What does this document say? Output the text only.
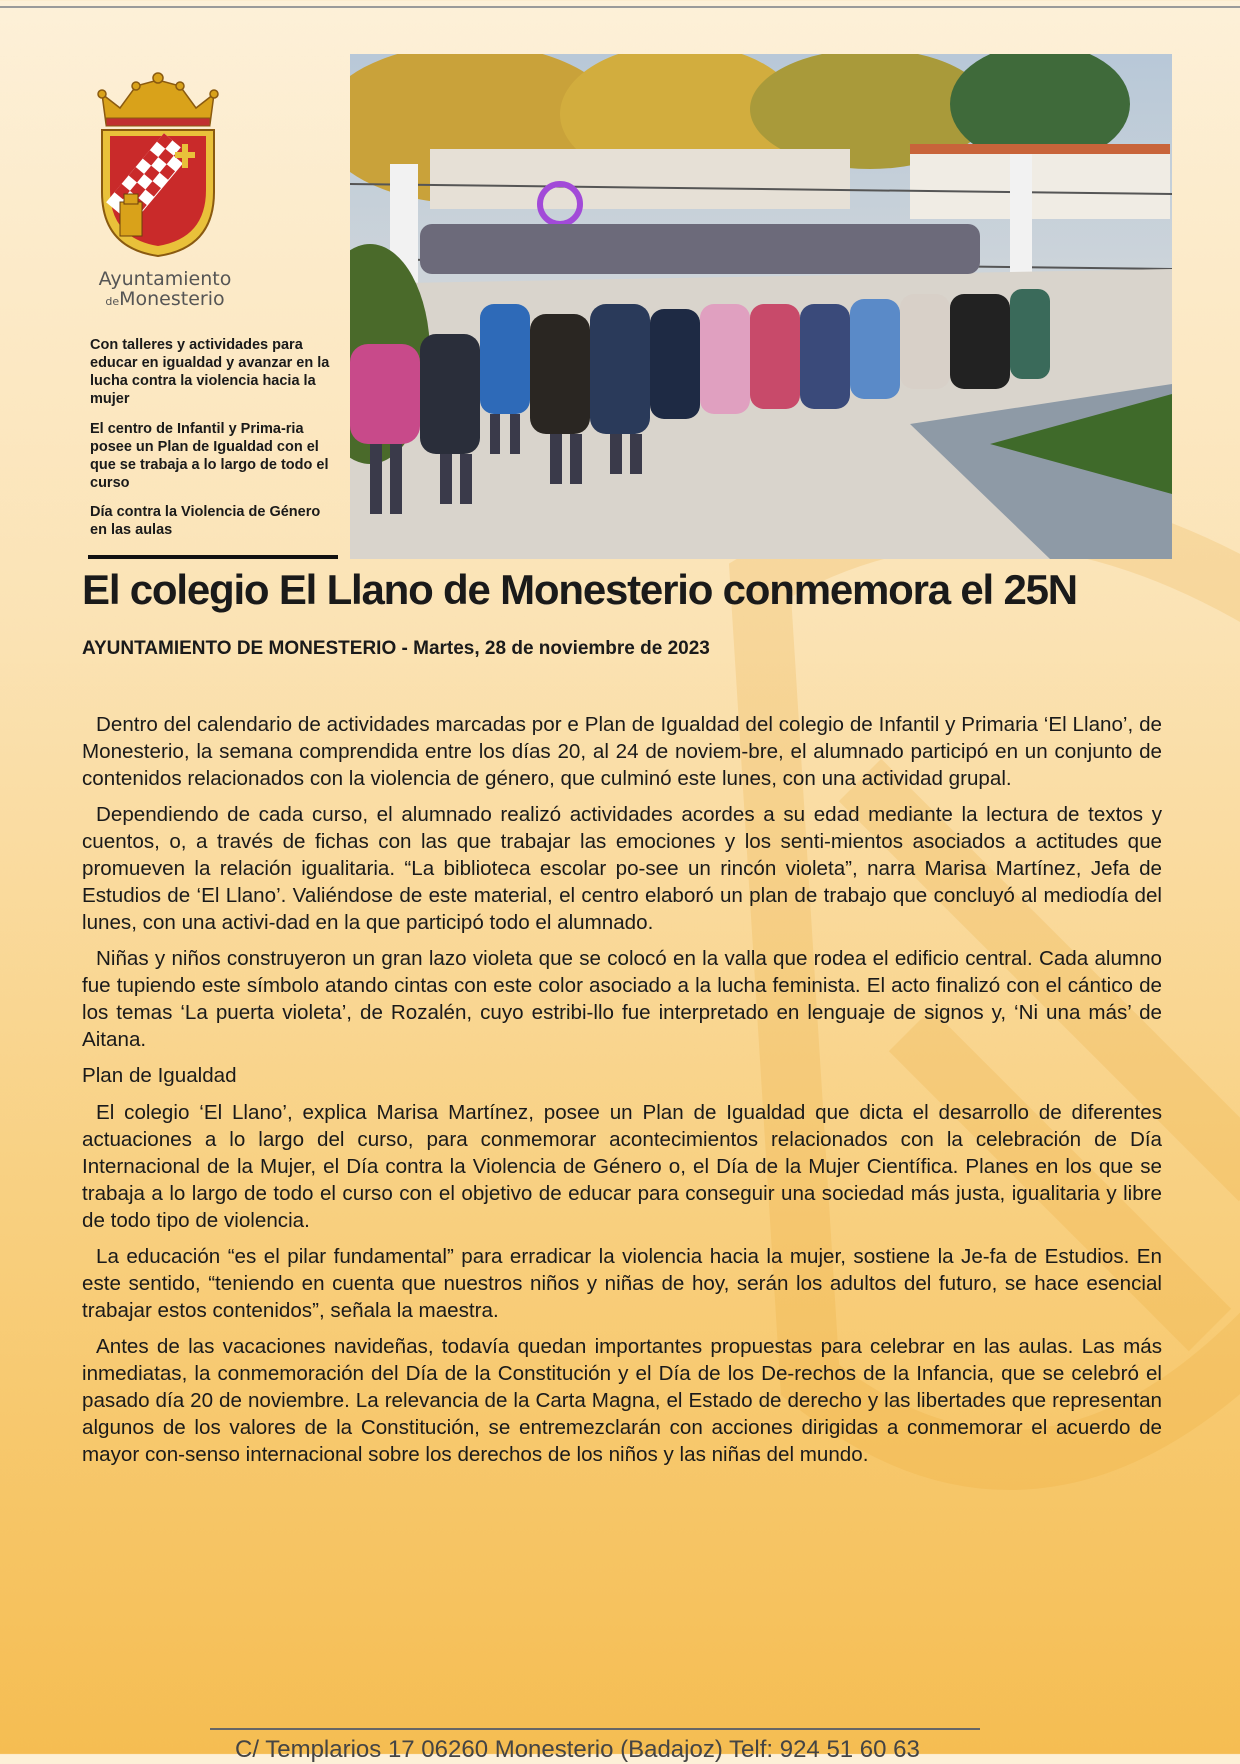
Ayuntamiento
deMonesterio

Con talleres y actividades para educar en igualdad y avanzar en la lucha contra la violencia hacia la mujer

El centro de Infantil y Prima-ria posee un Plan de Igualdad con el que se trabaja a lo largo de todo el curso

Día contra la Violencia de Género en las aulas

El colegio El Llano de Monesterio conmemora el 25N
AYUNTAMIENTO DE MONESTERIO - Martes, 28 de noviembre de 2023

Dentro del calendario de actividades marcadas por e Plan de Igualdad del colegio de Infantil y Primaria ‘El Llano’, de Monesterio, la semana comprendida entre los días 20, al 24 de noviem-bre, el alumnado participó en un conjunto de contenidos relacionados con la violencia de género, que culminó este lunes, con una actividad grupal.

Dependiendo de cada curso, el alumnado realizó actividades acordes a su edad mediante la lectura de textos y cuentos, o, a través de fichas con las que trabajar las emociones y los senti-mientos asociados a actitudes que promueven la relación igualitaria. “La biblioteca escolar po-see un rincón violeta”, narra Marisa Martínez, Jefa de Estudios de ‘El Llano’. Valiéndose de este material, el centro elaboró un plan de trabajo que concluyó al mediodía del lunes, con una activi-dad en la que participó todo el alumnado.

Niñas y niños construyeron un gran lazo violeta que se colocó en la valla que rodea el edificio central. Cada alumno fue tupiendo este símbolo atando cintas con este color asociado a la lucha feminista. El acto finalizó con el cántico de los temas ‘La puerta violeta’, de Rozalén, cuyo estribi-llo fue interpretado en lenguaje de signos y, ‘Ni una más’ de Aitana.

Plan de Igualdad

El colegio ‘El Llano’, explica Marisa Martínez, posee un Plan de Igualdad que dicta el desarrollo de diferentes actuaciones a lo largo del curso, para conmemorar acontecimientos relacionados con la celebración de Día Internacional de la Mujer, el Día contra la Violencia de Género o, el Día de la Mujer Científica. Planes en los que se trabaja a lo largo de todo el curso con el objetivo de educar para conseguir una sociedad más justa, igualitaria y libre de todo tipo de violencia.

La educación “es el pilar fundamental” para erradicar la violencia hacia la mujer, sostiene la Je-fa de Estudios. En este sentido, “teniendo en cuenta que nuestros niños y niñas de hoy, serán los adultos del futuro, se hace esencial trabajar estos contenidos”, señala la maestra.

Antes de las vacaciones navideñas, todavía quedan importantes propuestas para celebrar en las aulas. Las más inmediatas, la conmemoración del Día de la Constitución y el Día de los De-rechos de la Infancia, que se celebró el pasado día 20 de noviembre. La relevancia de la Carta Magna, el Estado de derecho y las libertades que representan algunos de los valores de la Constitución, se entremezclarán con acciones dirigidas a conmemorar el acuerdo de mayor con-senso internacional sobre los derechos de los niños y las niñas del mundo.

C/ Templarios 17 06260 Monesterio (Badajoz) Telf: 924 51 60 63
